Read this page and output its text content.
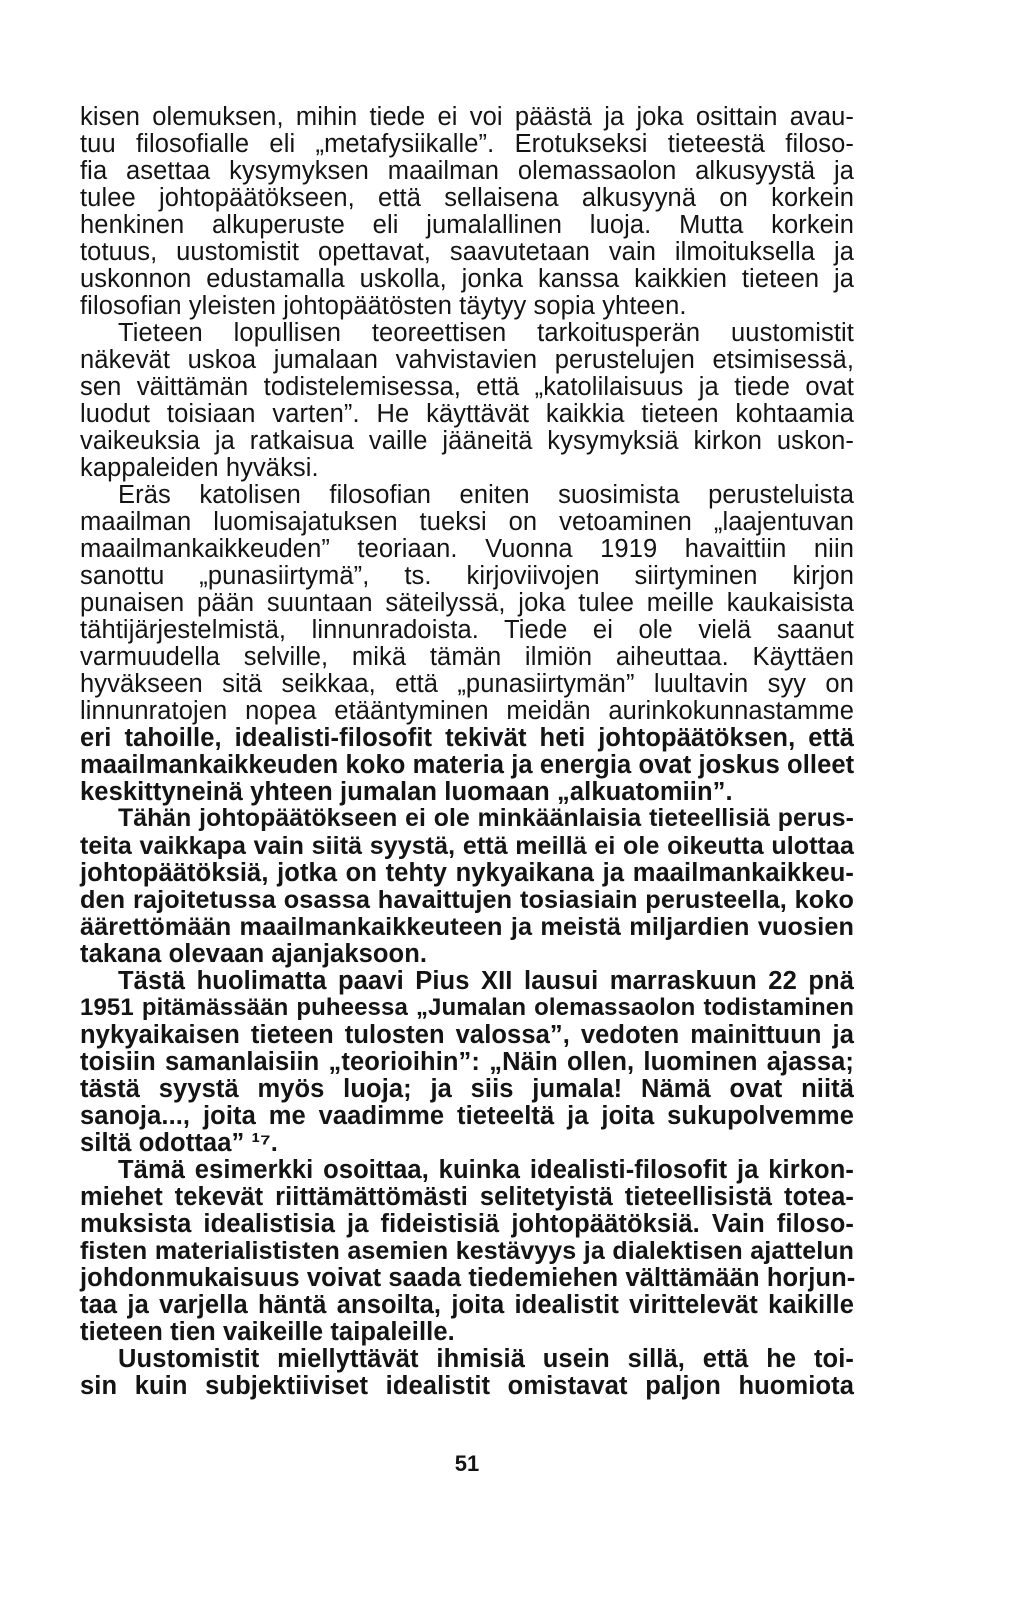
kisen olemuksen, mihin tiede ei voi päästä ja joka osittain avau-
tuu filosofialle eli „metafysiikalle”. Erotukseksi tieteestä filoso-
fia asettaa kysymyksen maailman olemassaolon alkusyystä ja
tulee johtopäätökseen, että sellaisena alkusyynä on korkein
henkinen alkuperuste eli jumalallinen luoja. Mutta korkein
totuus, uustomistit opettavat, saavutetaan vain ilmoituksella ja
uskonnon edustamalla uskolla, jonka kanssa kaikkien tieteen ja
filosofian yleisten johtopäätösten täytyy sopia yhteen.
Tieteen lopullisen teoreettisen tarkoitusperän uustomistit
näkevät uskoa jumalaan vahvistavien perustelujen etsimisessä,
sen väittämän todistelemisessa, että „katolilaisuus ja tiede ovat
luodut toisiaan varten”. He käyttävät kaikkia tieteen kohtaamia
vaikeuksia ja ratkaisua vaille jääneitä kysymyksiä kirkon uskon-
kappaleiden hyväksi.
Eräs katolisen filosofian eniten suosimista perusteluista
maailman luomisajatuksen tueksi on vetoaminen „laajentuvan
maailmankaikkeuden” teoriaan. Vuonna 1919 havaittiin niin
sanottu „punasiirtymä”, ts. kirjoviivojen siirtyminen kirjon
punaisen pään suuntaan säteilyssä, joka tulee meille kaukaisista
tähtijärjestelmistä, linnunradoista. Tiede ei ole vielä saanut
varmuudella selville, mikä tämän ilmiön aiheuttaa. Käyttäen
hyväkseen sitä seikkaa, että „punasiirtymän” luultavin syy on
linnunratojen nopea etääntyminen meidän aurinkokunnastamme
eri tahoille, idealisti-filosofit tekivät heti johtopäätöksen, että
maailmankaikkeuden koko materia ja energia ovat joskus olleet
keskittyneinä yhteen jumalan luomaan „alkuatomiin”.
Tähän johtopäätökseen ei ole minkäänlaisia tieteellisiä perus-
teita vaikkapa vain siitä syystä, että meillä ei ole oikeutta ulottaa
johtopäätöksiä, jotka on tehty nykyaikana ja maailmankaikkeu-
den rajoitetussa osassa havaittujen tosiasiain perusteella, koko
äärettömään maailmankaikkeuteen ja meistä miljardien vuosien
takana olevaan ajanjaksoon.
Tästä huolimatta paavi Pius XII lausui marraskuun 22 pnä
1951 pitämässään puheessa „Jumalan olemassaolon todistaminen
nykyaikaisen tieteen tulosten valossa”, vedoten mainittuun ja
toisiin samanlaisiin „teorioihin”: „Näin ollen, luominen ajassa;
tästä syystä myös luoja; ja siis jumala! Nämä ovat niitä
sanoja..., joita me vaadimme tieteeltä ja joita sukupolvemme
siltä odottaa” ¹⁷.
Tämä esimerkki osoittaa, kuinka idealisti-filosofit ja kirkon-
miehet tekevät riittämättömästi selitetyistä tieteellisistä totea-
muksista idealistisia ja fideistisiä johtopäätöksiä. Vain filoso-
fisten materialististen asemien kestävyys ja dialektisen ajattelun
johdonmukaisuus voivat saada tiedemiehen välttämään horjun-
taa ja varjella häntä ansoilta, joita idealistit virittelevät kaikille
tieteen tien vaikeille taipaleille.
Uustomistit miellyttävät ihmisiä usein sillä, että he toi-
sin kuin subjektiiviset idealistit omistavat paljon huomiota
51
